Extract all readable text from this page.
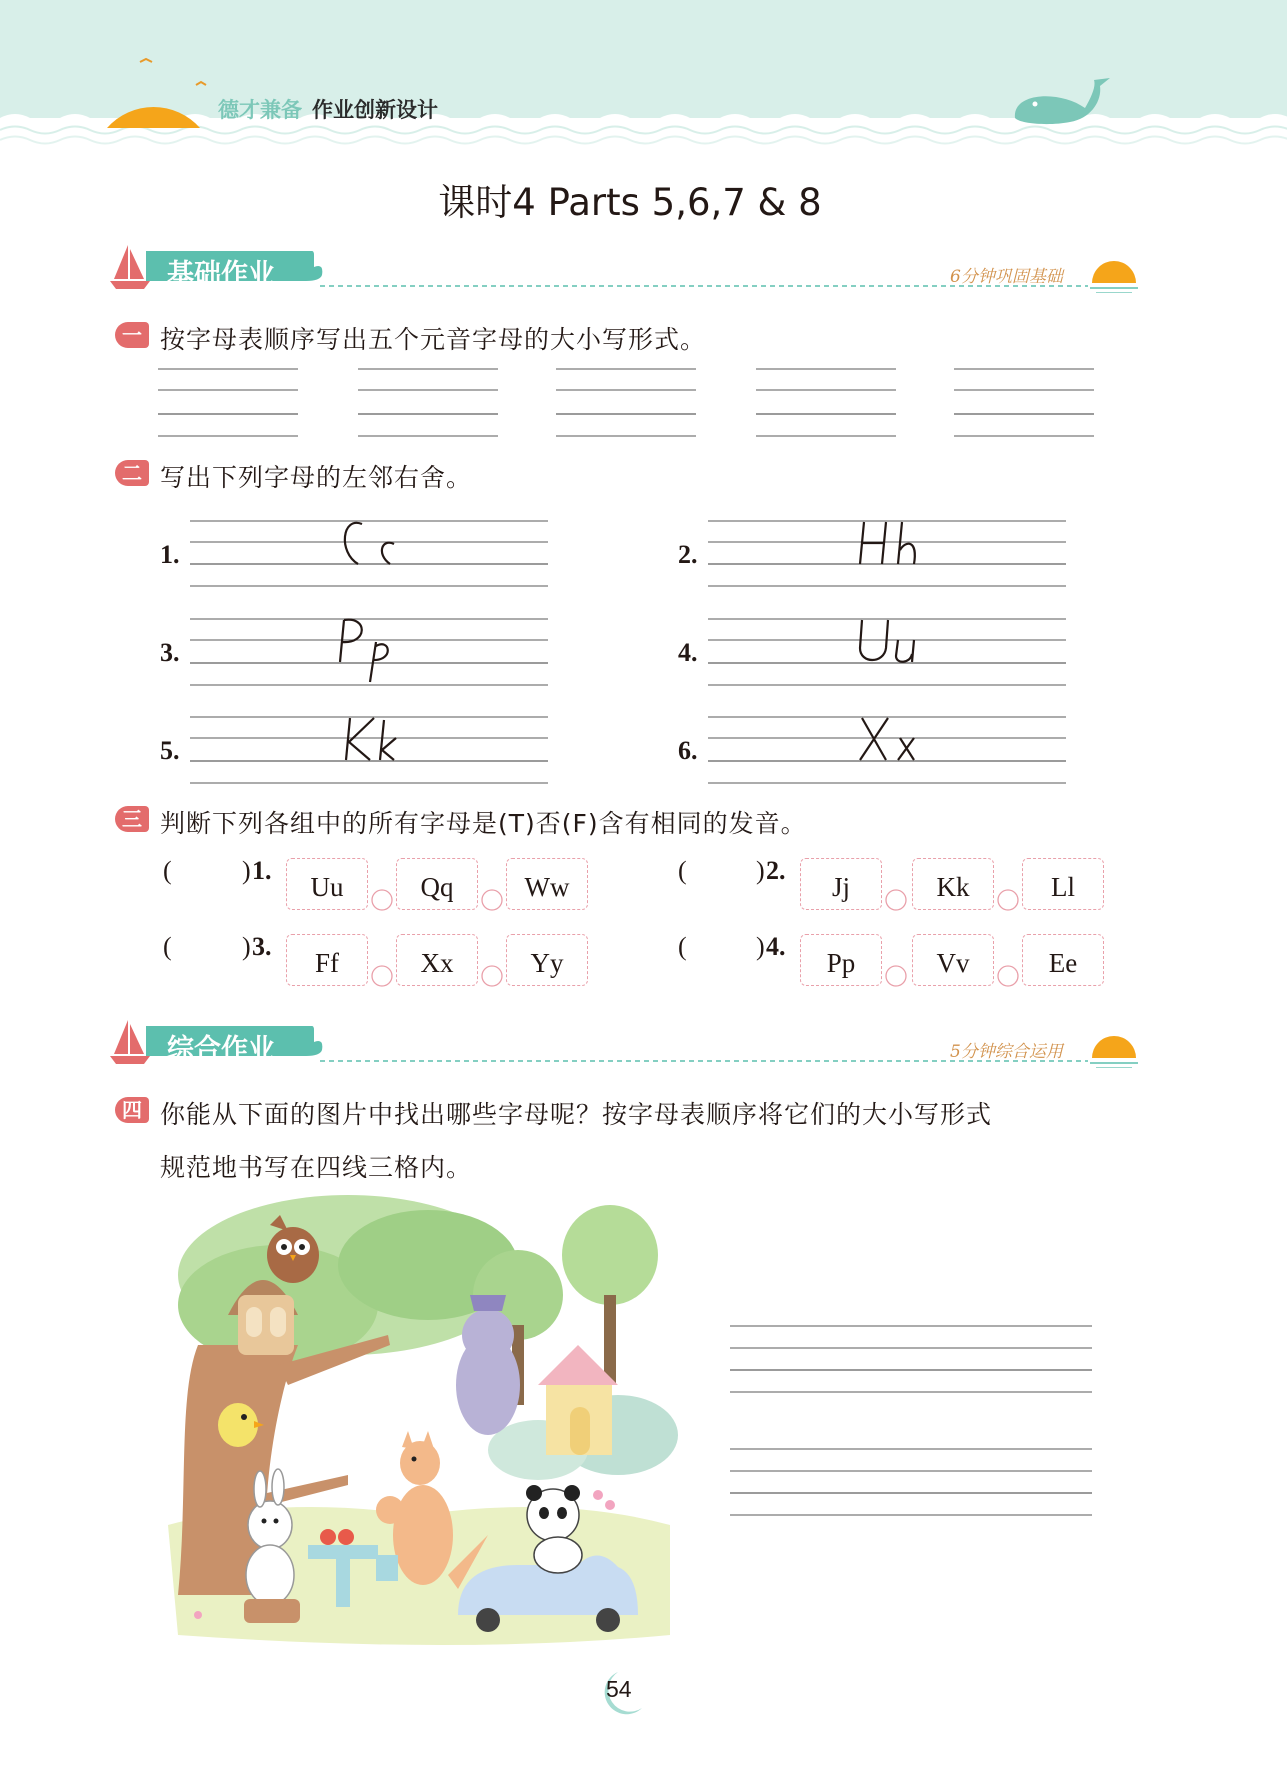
德才兼备 作业创新设计
课时4 Parts 5,6,7 & 8
基础作业	6分钟巩固基础
一 按字母表顺序写出五个元音字母的大小写形式。
二 写出下列字母的左邻右舍。
1.	2.
3.	4.
5.	6.
三 判断下列各组中的所有字母是(T)否(F)含有相同的发音。
(	) 1.
Uu	Qq	Ww
(	) 2.
Jj	Kk	Ll
(	) 3.
Ff	Xx	Yy
(	) 4.
Pp	Vv	Ee
综合作业	5分钟综合运用
四 你能从下面的图片中找出哪些字母呢？按字母表顺序将它们的大小写形式
规范地书写在四线三格内。
54
